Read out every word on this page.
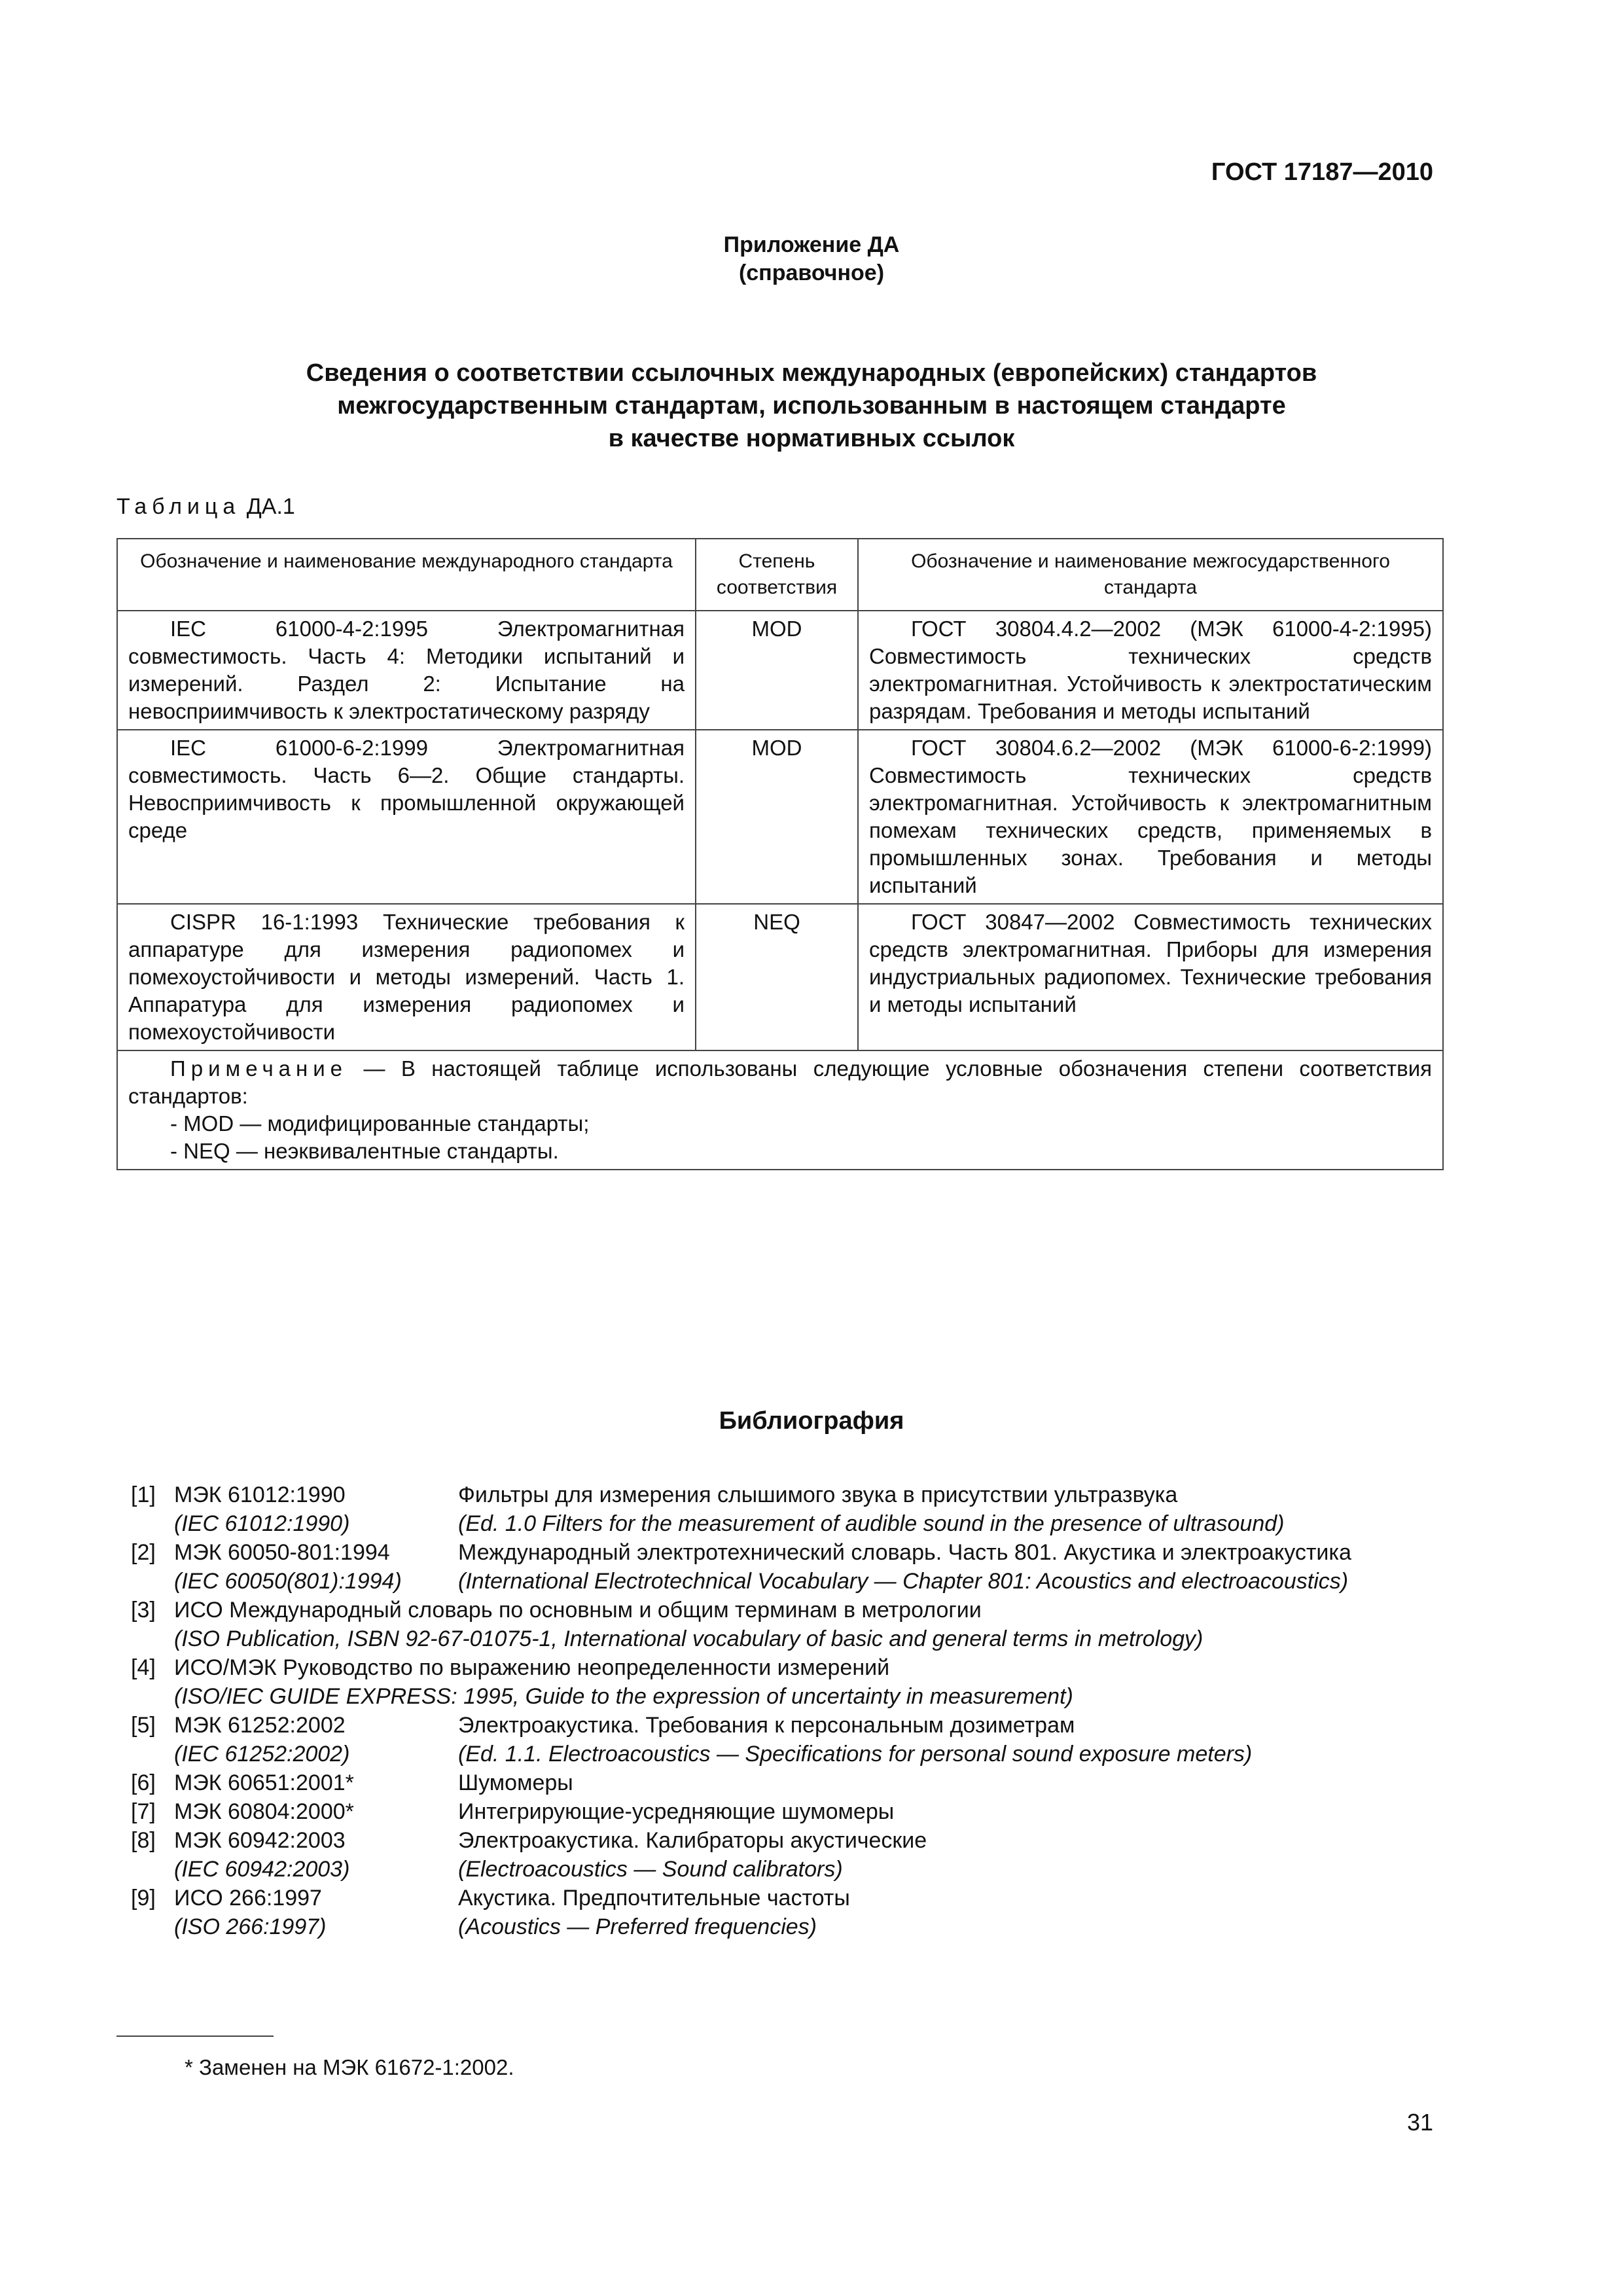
ГОСТ 17187—2010
Приложение ДА
(справочное)
Сведения о соответствии ссылочных международных (европейских) стандартов
межгосударственным стандартам, использованным в настоящем стандарте
в качестве нормативных ссылок
Таблица ДА.1
Обозначение и наименование международного стандарта	Степень соответствия	Обозначение и наименование межгосударственного стандарта
IEC 61000-4-2:1995 Электромагнитная совместимость. Часть 4: Методики испытаний и измерений. Раздел 2: Испытание на невосприимчивость к электростатическому разряду	MOD	ГОСТ 30804.4.2—2002 (МЭК 61000-4-2:1995) Совместимость технических средств электромагнитная. Устойчивость к электростатическим разрядам. Требования и методы испытаний
IEC 61000-6-2:1999 Электромагнитная совместимость. Часть 6—2. Общие стандарты. Невосприимчивость к промышленной окружающей среде	MOD	ГОСТ 30804.6.2—2002 (МЭК 61000-6-2:1999) Совместимость технических средств электромагнитная. Устойчивость к электромагнитным помехам технических средств, применяемых в промышленных зонах. Требования и методы испытаний
CISPR 16-1:1993 Технические требования к аппаратуре для измерения радиопомех и помехоустойчивости и методы измерений. Часть 1. Аппаратура для измерения радиопомех и помехоустойчивости	NEQ	ГОСТ 30847—2002 Совместимость технических средств электромагнитная. Приборы для измерения индустриальных радиопомех. Технические требования и методы испытаний

Примечание — В настоящей таблице использованы следующие условные обозначения степени соответствия стандартов:
- MOD — модифицированные стандарты;
- NEQ — неэквивалентные стандарты.		
Библиография
[1] МЭК 61012:1990	Фильтры для измерения слышимого звука в присутствии ультразвука
(IEC 61012:1990)	(Ed. 1.0 Filters for the measurement of audible sound in the presence of ultrasound)
[2] МЭК 60050-801:1994	Международный электротехнический словарь. Часть 801. Акустика и электроакустика
(IEC 60050(801):1994)	(International Electrotechnical Vocabulary — Chapter 801: Acoustics and electroacoustics)
[3] ИСО Международный словарь по основным и общим терминам в метрологии
(ISO Publication, ISBN 92-67-01075-1, International vocabulary of basic and general terms in metrology)
[4] ИСО/МЭК Руководство по выражению неопределенности измерений
(ISO/IEC GUIDE EXPRESS: 1995, Guide to the expression of uncertainty in measurement)
[5] МЭК 61252:2002	Электроакустика. Требования к персональным дозиметрам
(IEC 61252:2002)	(Ed. 1.1. Electroacoustics — Specifications for personal sound exposure meters)
[6] МЭК 60651:2001*	Шумомеры
[7] МЭК 60804:2000*	Интегрирующие-усредняющие шумомеры
[8] МЭК 60942:2003	Электроакустика. Калибраторы акустические
(IEC 60942:2003)	(Electroacoustics — Sound calibrators)
[9] ИСО 266:1997	Акустика. Предпочтительные частоты
(ISO 266:1997)	(Acoustics — Preferred frequencies)
* Заменен на МЭК 61672-1:2002.
31
